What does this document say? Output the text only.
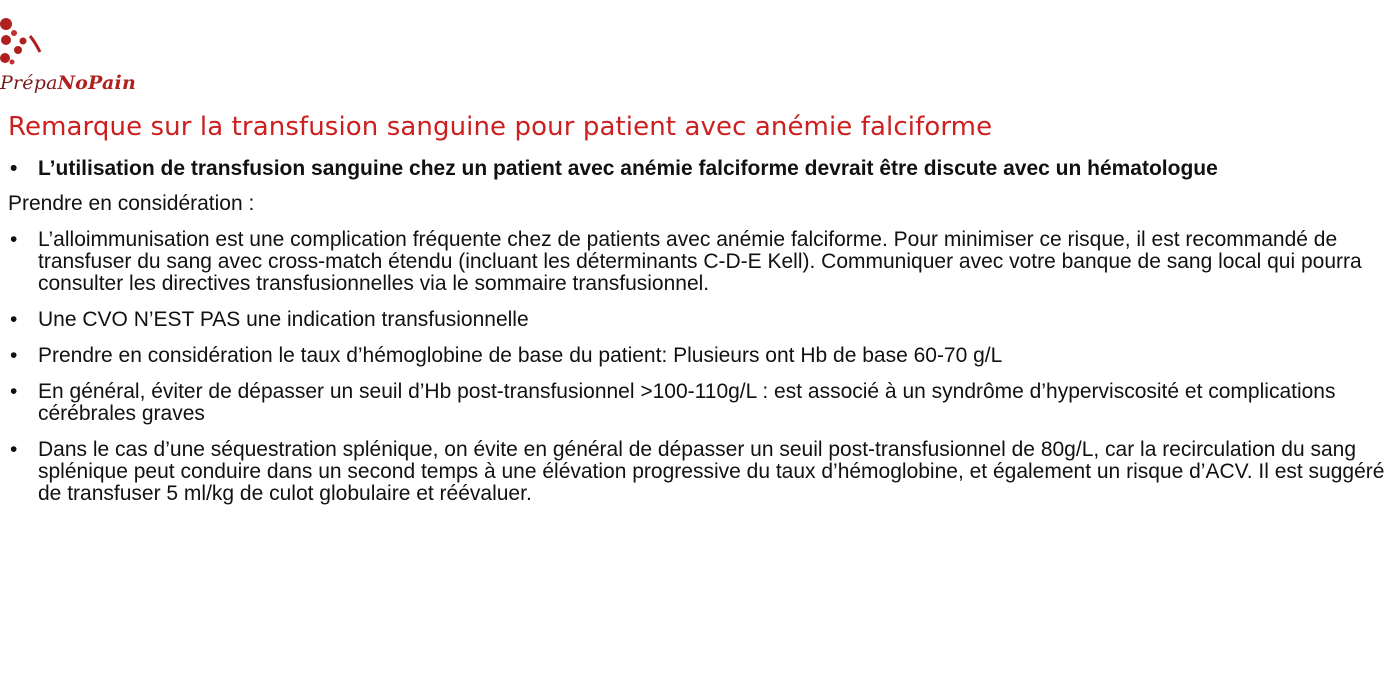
PrépaNoPain
Remarque sur la transfusion sanguine pour patient avec anémie falciforme
• L’utilisation de transfusion sanguine chez un patient avec anémie falciforme devrait être discute avec un hématologue
Prendre en considération :
• L’alloimmunisation est une complication fréquente chez de patients avec anémie falciforme. Pour minimiser ce risque, il est recommandé de transfuser du sang avec cross-match étendu (incluant les déterminants C-D-E Kell). Communiquer avec votre banque de sang local qui pourra consulter les directives transfusionnelles via le sommaire transfusionnel.
• Une CVO N’EST PAS une indication transfusionnelle
• Prendre en considération le taux d’hémoglobine de base du patient: Plusieurs ont Hb de base 60-70 g/L
• En général, éviter de dépasser un seuil d’Hb post-transfusionnel >100-110g/L : est associé à un syndrôme d’hyperviscosité et complications cérébrales graves
• Dans le cas d’une séquestration splénique, on évite en général de dépasser un seuil post-transfusionnel de 80g/L, car la recirculation du sang splénique peut conduire dans un second temps à une élévation progressive du taux d’hémoglobine, et également un risque d’ACV. Il est suggéré de transfuser 5 ml/kg de culot globulaire et réévaluer.
